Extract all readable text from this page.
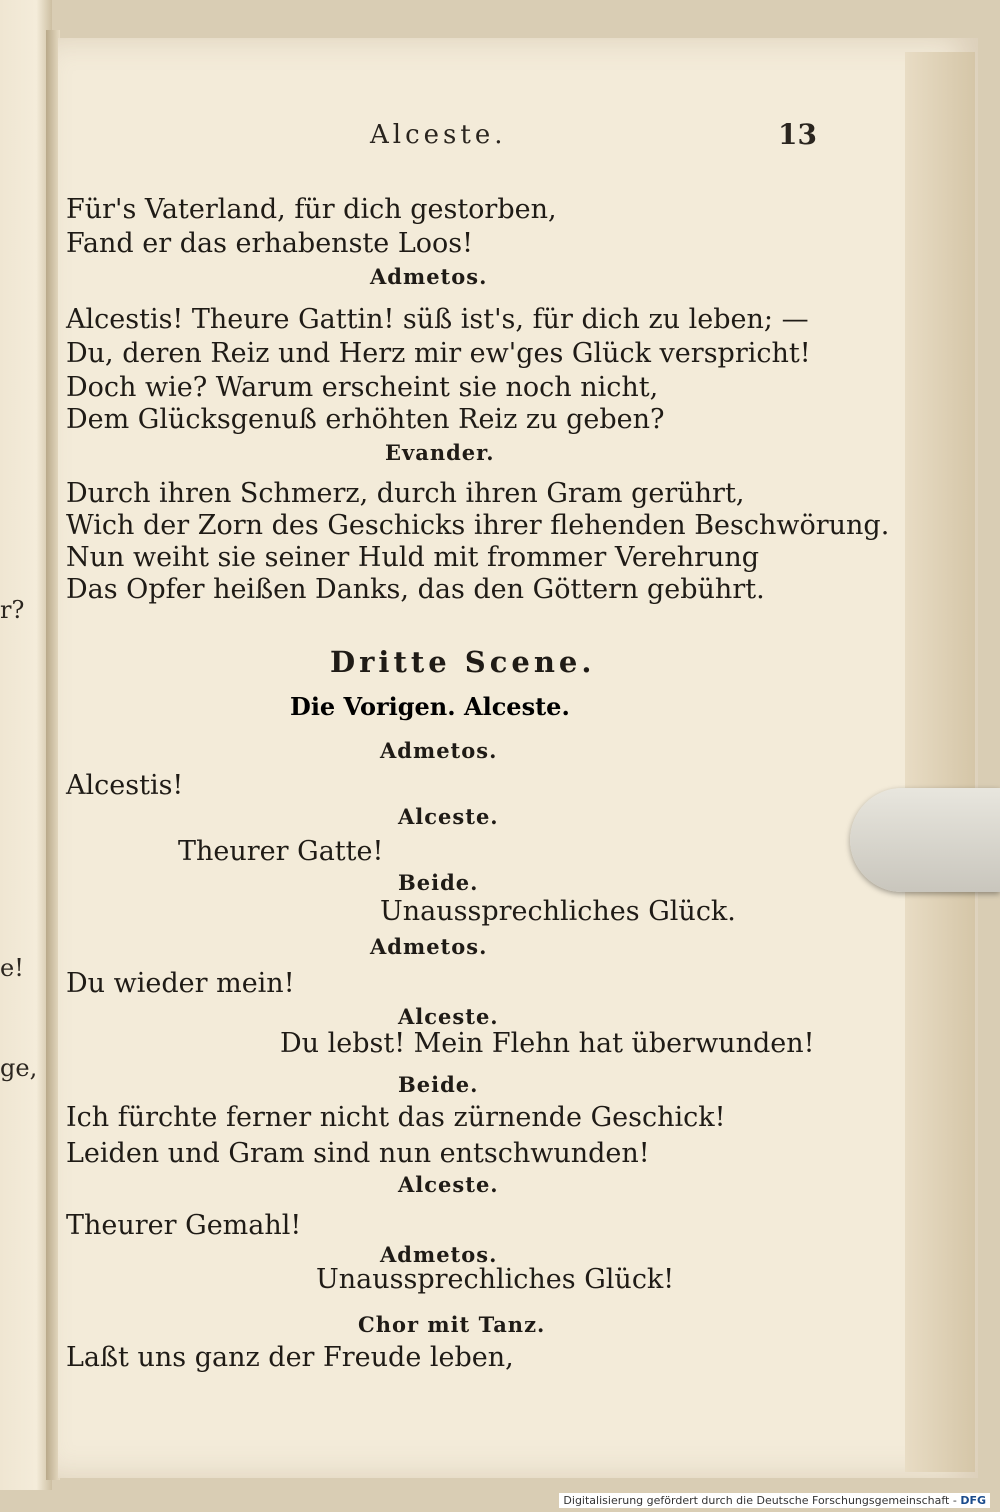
r?
e!
ge,
Alceste.	13
Für's Vaterland, für dich gestorben,
Fand er das erhabenste Loos!
Admetos.
Alcestis! Theure Gattin! süß ist's, für dich zu leben; —
Du, deren Reiz und Herz mir ew'ges Glück verspricht!
Doch wie? Warum erscheint sie noch nicht,
Dem Glücksgenuß erhöhten Reiz zu geben?
Evander.
Durch ihren Schmerz, durch ihren Gram gerührt,
Wich der Zorn des Geschicks ihrer flehenden Beschwörung.
Nun weiht sie seiner Huld mit frommer Verehrung
Das Opfer heißen Danks, das den Göttern gebührt.
Dritte Scene.
Die Vorigen. Alceste.
Admetos.
Alcestis!
Alceste.
Theurer Gatte!
Beide.
Unaussprechliches Glück.
Admetos.
Du wieder mein!
Alceste.
Du lebst! Mein Flehn hat überwunden!
Beide.
Ich fürchte ferner nicht das zürnende Geschick!
Leiden und Gram sind nun entschwunden!
Alceste.
Theurer Gemahl!
Admetos.
Unaussprechliches Glück!
Chor mit Tanz.
Laßt uns ganz der Freude leben,
Digitalisierung gefördert durch die Deutsche Forschungsgemeinschaft - DFG
